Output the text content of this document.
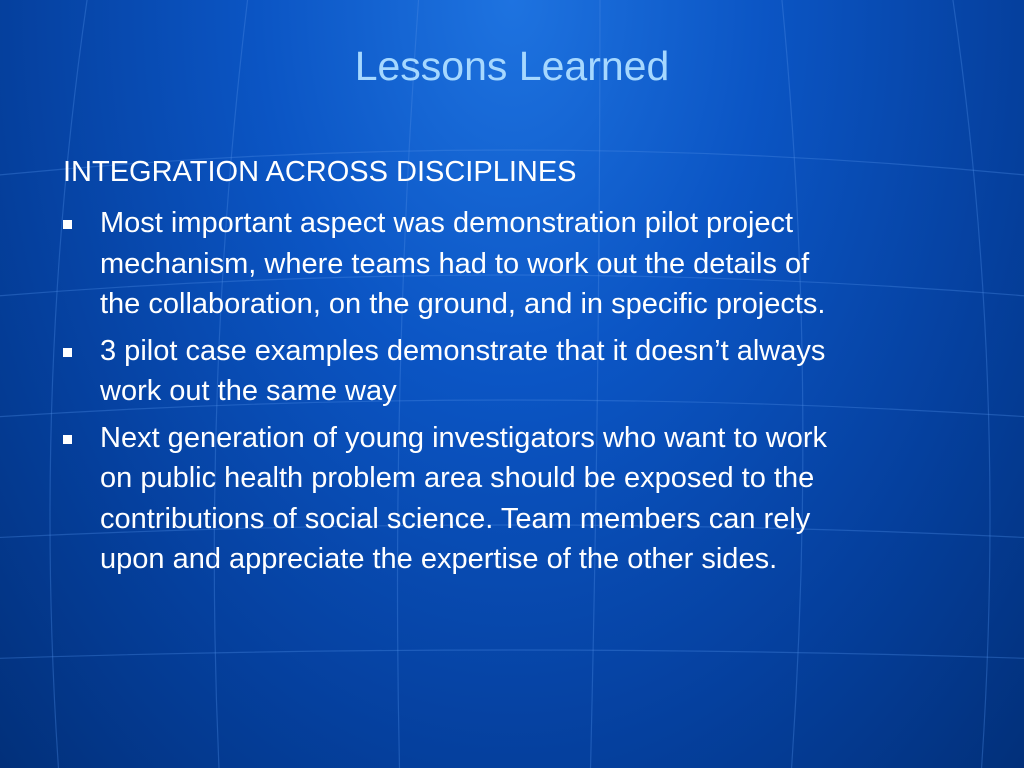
Lessons Learned
INTEGRATION ACROSS DISCIPLINES
Most important aspect was demonstration pilot project
mechanism, where teams had to work out the details of
the collaboration, on the ground, and in specific projects.
3 pilot case examples demonstrate that it doesn’t always
work out the same way
Next generation of young investigators who want to work
on public health problem area should be exposed to the
contributions of social science. Team members can rely
upon and appreciate the expertise of the other sides.
